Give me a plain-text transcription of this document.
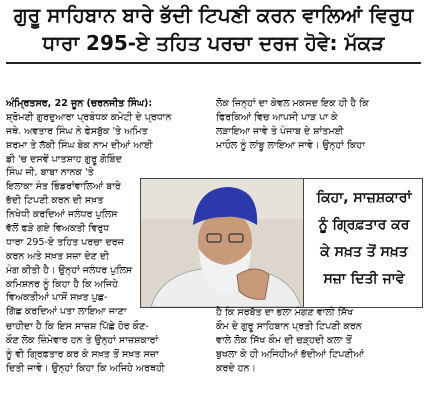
ਗੁਰੂ ਸਾਹਿਬਾਨ ਬਾਰੇ ਭੱਦੀ ਟਿਪਣੀ ਕਰਨ ਵਾਲਿਆਂ ਵਿਰੁਧ
ਧਾਰਾ 295-ਏ ਤਹਿਤ ਪਰਚਾ ਦਰਜ ਹੋਵੇ: ਮੱਕੜ
ਅੰਮ੍ਰਿਤਸਰ, 22 ਜੂਨ (ਚਰਨਜੀਤ ਸਿੰਘ):
ਸ਼੍ਰੋਮਣੀ ਗੁਰਦੁਆਰਾ ਪ੍ਰਬੰਧਕ ਕਮੇਟੀ ਦੇ ਪ੍ਰਧਾਨ
ਜਥੇ. ਅਵਤਾਰ ਸਿੰਘ ਨੇ ਫੇਸਬੁੱਕ 'ਤੇ ਅਮਿਤ
ਸ਼ਰਮਾ ਤੇ ਲੱਕੀ ਸਿੰਘ ਬੇਕ ਨਾਮ ਦੀਆਂ ਆਈ
ਡੀ 'ਚ ਦਸਵੇਂ ਪਾਤਸ਼ਾਹ ਗੁਰੂ ਗੋਬਿੰਦ
ਸਿੰਘ ਜੀ, ਬਾਬਾ ਨਾਨਕ 'ਤੇ
ਇਲਾਕਾ ਸੰਤ ਭਿੰਡਰਾਂਵਾਲਿਆਂ ਬਾਰੇ
ਭੱਦੀ ਟਿਪਣੀ ਕਰਨ ਦੀ ਸਖ਼ਤ
ਨਿਖੇਧੀ ਕਰਦਿਆਂ ਜਲੰਧਰ ਪੁਲਿਸ
ਵੱਲੋਂ ਫੜੇ ਗਏ ਵਿਅਕਤੀ ਵਿਰੁਧ
ਧਾਰਾ 295-ਏ ਤਹਿਤ ਪਰਚਾ ਦਰਜ
ਕਰਨ ਅਤੇ ਸਖ਼ਤ ਸਜ਼ਾ ਦੇਣ ਦੀ
ਮੰਗ ਕੀਤੀ ਹੈ। ਉਨ੍ਹਾਂ ਜਲੰਧਰ ਪੁਲਿਸ
ਕਮਿਸ਼ਨਰ ਨੂੰ ਕਿਹਾ ਹੈ ਕਿ ਅਜਿਹੇ
ਵਿਅਕਤੀਆਂ ਪਾਸੋਂ ਸਖ਼ਤ ਪੁਛ-
ਗਿੱਛ ਕਰਦਿਆਂ ਪਤਾ ਲਾਇਆ ਜਾਣਾ
ਲੋਕ ਜਿਨ੍ਹਾਂ ਦਾ ਕੇਵਲ ਮਕਸਦ ਇਕ ਹੀ ਹੈ ਕਿ
ਫਿਰਕਿਆਂ ਵਿਚ ਆਪਸੀ ਪਾੜ ਪਾ ਕੇ
ਲੜਾਇਆ ਜਾਵੇ ਤੇ ਪੰਜਾਬ ਦੇ ਸ਼ਾਂਤਮਈ
ਮਾਹੌਲ ਨੂੰ ਲਾਂਬੂ ਲਾਇਆ ਜਾਵੇ। ਉਨ੍ਹਾਂ ਕਿਹਾ
ਕਿਹਾ, ਸਾਜ਼ਸ਼ਕਾਰਾਂ
ਨੂੰ ਗ੍ਰਿਫ਼ਤਾਰ ਕਰ
ਕੇ ਸਖ਼ਤ ਤੋਂ ਸਖ਼ਤ
ਸਜ਼ਾ ਦਿਤੀ ਜਾਵੇ
ਚਾਹੀਦਾ ਹੈ ਕਿ ਇਸ ਸਾਜ਼ਸ਼ ਪਿੱਛੇ ਹੋਰ ਕੌਣ-
ਕੌਣ ਲੋਕ ਜ਼ਿੰਮੇਵਾਰ ਹਨ ਤੇ ਉਨ੍ਹਾਂ ਸਾਜ਼ਸ਼ਕਾਰਾਂ
ਨੂੰ ਵੀ ਗ੍ਰਿਫ਼ਤਾਰ ਕਰ ਕੇ ਸਖ਼ਤ ਤੋਂ ਸਖ਼ਤ ਸਜ਼ਾ
ਦਿਤੀ ਜਾਵੇ। ਉਨ੍ਹਾਂ ਕਿਹਾ ਕਿ ਅਜਿਹੇ ਅਰਥਹੀ
ਹੈ ਕਿ ਸਰਬੱਤ ਦਾ ਭਲਾ ਮੰਗਣ ਵਾਲੀ ਸਿੱਖ
ਕੌਮ ਦੇ ਗੁਰੂ ਸਾਹਿਬਾਨ ਪ੍ਰਤੀ ਟਿਪਣੀ ਕਰਨ
ਵਾਲੇ ਲੋਕ ਸਿੱਖ ਕੌਮ ਦੀ ਚੜ੍ਹਦੀ ਕਲਾ ਤੋਂ
ਬੁਖਲਾ ਕੇ ਹੀ ਅਜਿਹੀਆਂ ਭੱਦੀਆਂ ਟਿਪਣੀਆਂ
ਕਰਦੇ ਹਨ।
